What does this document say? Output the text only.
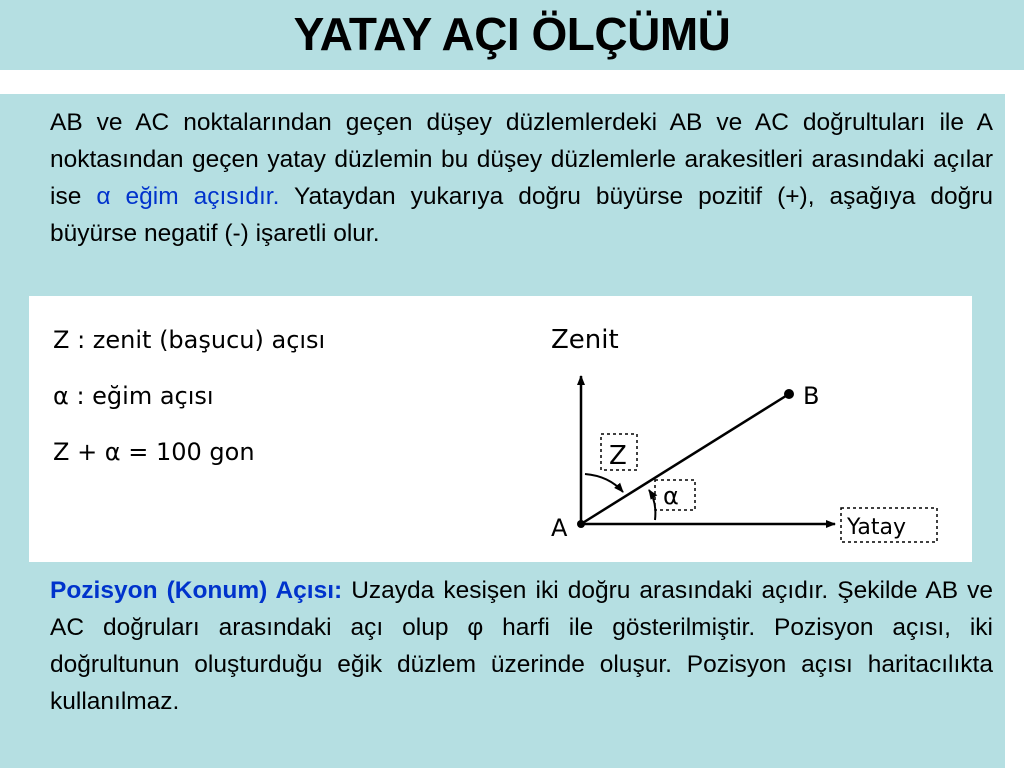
YATAY AÇI ÖLÇÜMÜ
AB ve AC noktalarından geçen düşey düzlemlerdeki AB ve AC doğrultuları ile A noktasından geçen yatay düzlemin bu düşey düzlemlerle arakesitleri arasındaki açılar ise α eğim açısıdır. Yataydan yukarıya doğru büyürse pozitif (+), aşağıya doğru büyürse negatif (-) işaretli olur.
Z : zenit (başucu) açısı
α : eğim açısı
Z + α = 100 gon	Z
α
Yatay
Zenit
A
B
Pozisyon (Konum) Açısı: Uzayda kesişen iki doğru arasındaki açıdır. Şekilde AB ve AC doğruları arasındaki açı olup φ harfi ile gösterilmiştir. Pozisyon açısı, iki doğrultunun oluşturduğu eğik düzlem üzerinde oluşur. Pozisyon açısı haritacılıkta kullanılmaz.
